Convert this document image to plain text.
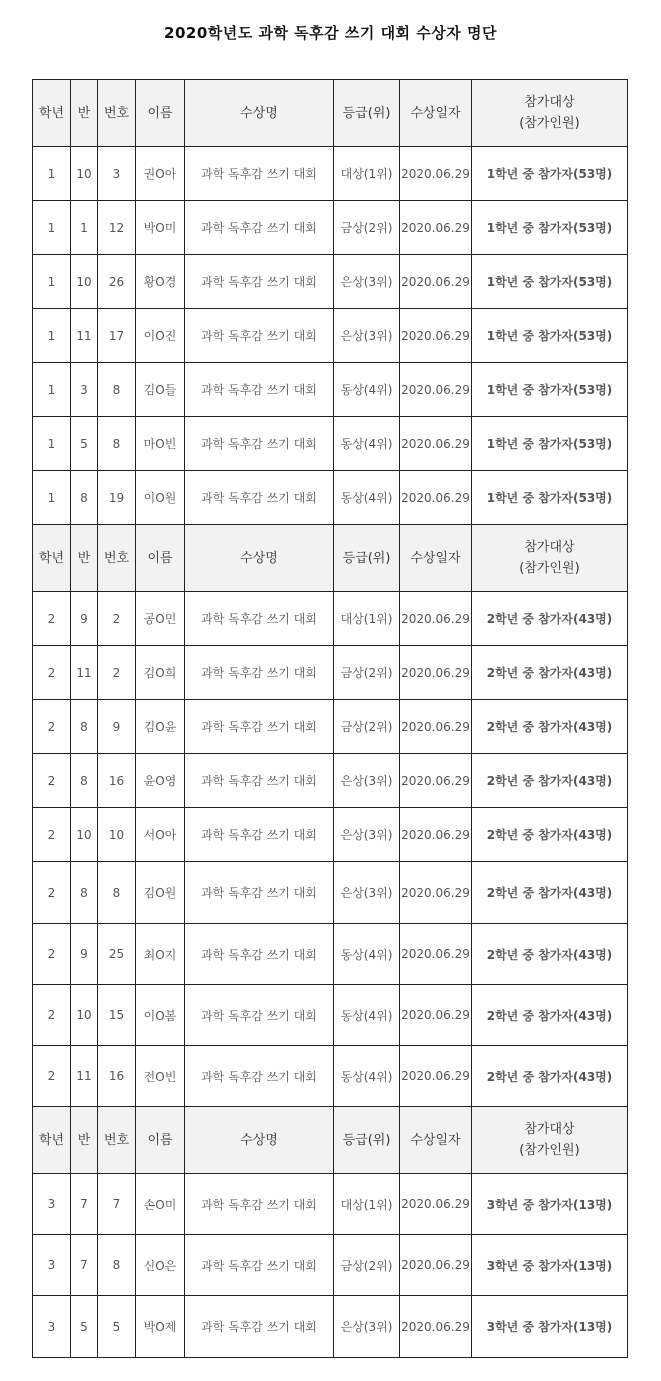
2020학년도 과학 독후감 쓰기 대회 수상자 명단
학년	반	번호	이름	수상명	등급(위)	수상일자	참가대상
(참가인원)

1	10	3	권O아	과학 독후감 쓰기 대회	대상(1위)	2020.06.29	1학년 중 참가자(53명)
1	1	12	박O미	과학 독후감 쓰기 대회	금상(2위)	2020.06.29	1학년 중 참가자(53명)
1	10	26	황O경	과학 독후감 쓰기 대회	은상(3위)	2020.06.29	1학년 중 참가자(53명)
1	11	17	이O진	과학 독후감 쓰기 대회	은상(3위)	2020.06.29	1학년 중 참가자(53명)
1	3	8	김O들	과학 독후감 쓰기 대회	동상(4위)	2020.06.29	1학년 중 참가자(53명)
1	5	8	마O빈	과학 독후감 쓰기 대회	동상(4위)	2020.06.29	1학년 중 참가자(53명)
1	8	19	이O원	과학 독후감 쓰기 대회	동상(4위)	2020.06.29	1학년 중 참가자(53명)
학년	반	번호	이름	수상명	등급(위)	수상일자	참가대상
(참가인원)

2	9	2	공O민	과학 독후감 쓰기 대회	대상(1위)	2020.06.29	2학년 중 참가자(43명)
2	11	2	김O희	과학 독후감 쓰기 대회	금상(2위)	2020.06.29	2학년 중 참가자(43명)
2	8	9	김O윤	과학 독후감 쓰기 대회	금상(2위)	2020.06.29	2학년 중 참가자(43명)
2	8	16	윤O영	과학 독후감 쓰기 대회	은상(3위)	2020.06.29	2학년 중 참가자(43명)
2	10	10	서O아	과학 독후감 쓰기 대회	은상(3위)	2020.06.29	2학년 중 참가자(43명)
2	8	8	김O원	과학 독후감 쓰기 대회	은상(3위)	2020.06.29	2학년 중 참가자(43명)
2	9	25	최O지	과학 독후감 쓰기 대회	동상(4위)	2020.06.29	2학년 중 참가자(43명)
2	10	15	이O봄	과학 독후감 쓰기 대회	동상(4위)	2020.06.29	2학년 중 참가자(43명)
2	11	16	전O빈	과학 독후감 쓰기 대회	동상(4위)	2020.06.29	2학년 중 참가자(43명)
학년	반	번호	이름	수상명	등급(위)	수상일자	참가대상
(참가인원)

3	7	7	손O미	과학 독후감 쓰기 대회	대상(1위)	2020.06.29	3학년 중 참가자(13명)
3	7	8	신O은	과학 독후감 쓰기 대회	금상(2위)	2020.06.29	3학년 중 참가자(13명)
3	5	5	박O제	과학 독후감 쓰기 대회	은상(3위)	2020.06.29	3학년 중 참가자(13명)
